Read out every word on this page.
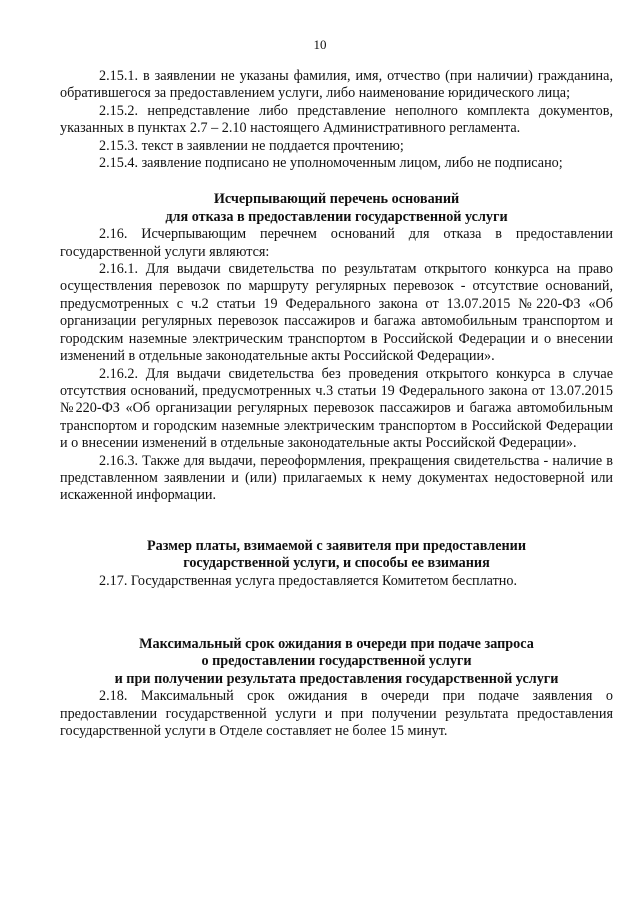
10

2.15.1. в заявлении не указаны фамилия, имя, отчество (при наличии) гражданина, обратившегося за предоставлением услуги, либо наименование юридического лица;

2.15.2. непредставление либо представление неполного комплекта документов, указанных в пунктах 2.7 – 2.10 настоящего Административного регламента.

2.15.3. текст в заявлении не поддается прочтению;

2.15.4. заявление подписано не уполномоченным лицом, либо не подписано;

Исчерпывающий перечень оснований
для отказа в предоставлении государственной услуги

2.16. Исчерпывающим перечнем оснований для отказа в предоставлении государственной услуги являются:

2.16.1. Для выдачи свидетельства по результатам открытого конкурса на право осуществления перевозок по маршруту регулярных перевозок - отсутствие оснований, предусмотренных с ч.2 статьи 19 Федерального закона от 13.07.2015 №220-ФЗ «Об организации регулярных перевозок пассажиров и багажа автомобильным транспортом и городским наземные электрическим транспортом в Российской Федерации и о внесении изменений в отдельные законодательные акты Российской Федерации».

2.16.2. Для выдачи свидетельства без проведения открытого конкурса в случае отсутствия оснований, предусмотренных ч.3 статьи 19 Федерального закона от 13.07.2015 №220-ФЗ «Об организации регулярных перевозок пассажиров и багажа автомобильным транспортом и городским наземные электрическим транспортом в Российской Федерации и о внесении изменений в отдельные законодательные акты Российской Федерации».

2.16.3. Также для выдачи, переоформления, прекращения свидетельства - наличие в представленном заявлении и (или) прилагаемых к нему документах недостоверной или искаженной информации.

Размер платы, взимаемой с заявителя при предоставлении
государственной услуги, и способы ее взимания

2.17. Государственная услуга предоставляется Комитетом бесплатно.

Максимальный срок ожидания в очереди при подаче запроса
о предоставлении государственной услуги
и при получении результата предоставления государственной услуги

2.18. Максимальный срок ожидания в очереди при подаче заявления о предоставлении государственной услуги и при получении результата предоставления государственной услуги в Отделе составляет не более 15 минут.
